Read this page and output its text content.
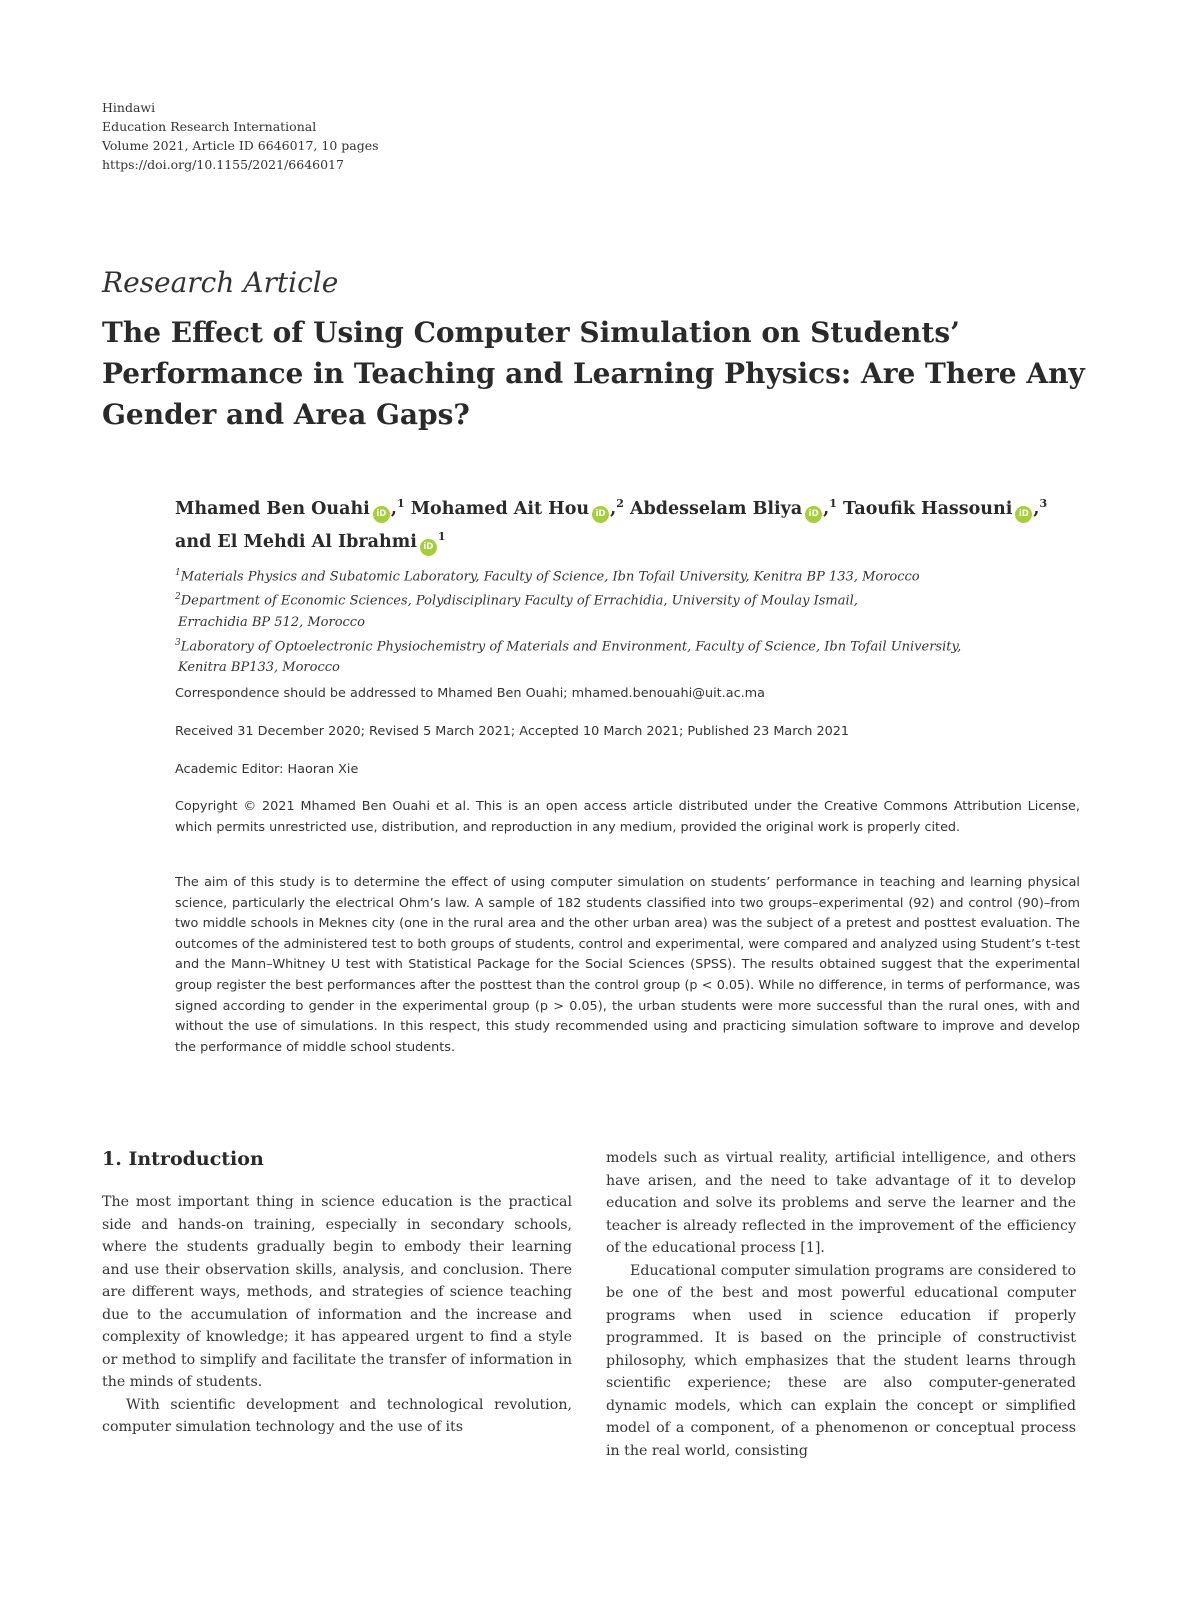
Hindawi
Education Research International
Volume 2021, Article ID 6646017, 10 pages
https://doi.org/10.1155/2021/6646017
Research Article
The Effect of Using Computer Simulation on Students’ Performance in Teaching and Learning Physics: Are There Any Gender and Area Gaps?
Mhamed Ben Ouahi iD ,$^1$ Mohamed Ait Hou iD ,$^2$ Abdesselam Bliya iD ,$^1$ Taoufik Hassouni iD ,$^3$
and El Mehdi Al Ibrahmi $iD^1$
$^1$Materials Physics and Subatomic Laboratory, Faculty of Science, Ibn Tofail University, Kenitra BP 133, Morocco
$^2$Department of Economic Sciences, Polydisciplinary Faculty of Errachidia, University of Moulay Ismail,
Errachidia BP 512, Morocco
$^3$Laboratory of Optoelectronic Physiochemistry of Materials and Environment, Faculty of Science, Ibn Tofail University,
Kenitra BP133, Morocco
Correspondence should be addressed to Mhamed Ben Ouahi; mhamed.benouahi@uit.ac.ma
Received 31 December 2020; Revised 5 March 2021; Accepted 10 March 2021; Published 23 March 2021
Academic Editor: Haoran Xie
Copyright © 2021 Mhamed Ben Ouahi et al. This is an open access article distributed under the Creative Commons Attribution License, which permits unrestricted use, distribution, and reproduction in any medium, provided the original work is properly cited.
The aim of this study is to determine the effect of using computer simulation on students’ performance in teaching and learning physical science, particularly the electrical Ohm’s law. A sample of 182 students classified into two groups–experimental (92) and control (90)–from two middle schools in Meknes city (one in the rural area and the other urban area) was the subject of a pretest and posttest evaluation. The outcomes of the administered test to both groups of students, control and experimental, were compared and analyzed using Student’s t-test and the Mann–Whitney U test with Statistical Package for the Social Sciences (SPSS). The results obtained suggest that the experimental group register the best performances after the posttest than the control group (p < 0.05). While no difference, in terms of performance, was signed according to gender in the experimental group (p > 0.05), the urban students were more successful than the rural ones, with and without the use of simulations. In this respect, this study recommended using and practicing simulation software to improve and develop the performance of middle school students.
1. Introduction

The most important thing in science education is the practical side and hands-on training, especially in secondary schools, where the students gradually begin to embody their learning and use their observation skills, analysis, and conclusion. There are different ways, methods, and strategies of science teaching due to the accumulation of information and the increase and complexity of knowledge; it has appeared urgent to find a style or method to simplify and facilitate the transfer of information in the minds of students.

With scientific development and technological revolution, computer simulation technology and the use of its

models such as virtual reality, artificial intelligence, and others have arisen, and the need to take advantage of it to develop education and solve its problems and serve the learner and the teacher is already reflected in the improvement of the efficiency of the educational process [1].

Educational computer simulation programs are considered to be one of the best and most powerful educational computer programs when used in science education if properly programmed. It is based on the principle of constructivist philosophy, which emphasizes that the student learns through scientific experience; these are also computer-generated dynamic models, which can explain the concept or simplified model of a component, of a phenomenon or conceptual process in the real world, consisting
